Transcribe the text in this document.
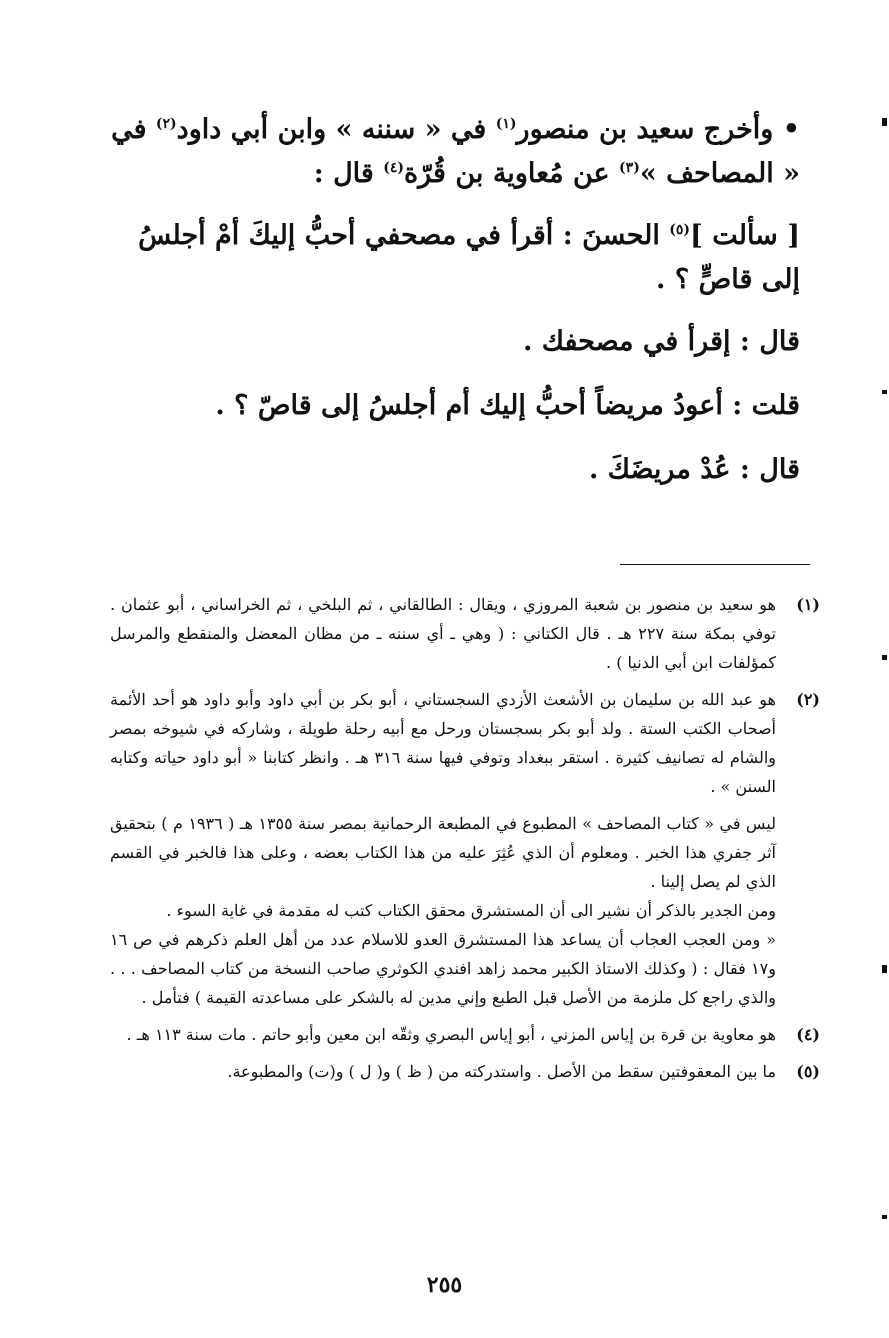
• وأخرج سعيد بن منصور$^{(١)}$ في « سننه » وابن أبي داود$^{(٢)}$ في « المصاحف »$^{(٣)}$ عن مُعاوية بن قُرّة$^{(٤)}$ قال :

[ سألت ]$^{(٥)}$ الحسنَ : أقرأ في مصحفي أحبُّ إليكَ أمْ أجلسُ إلى قاصٍّ ؟ .

قال : إقرأ في مصحفك .

قلت : أعودُ مريضاً أحبُّ إليك أم أجلسُ إلى قاصّ ؟ .

قال : عُدْ مريضَكَ .

(١)
هو سعيد بن منصور بن شعبة المروزي ، ويقال : الطالقاني ، ثم البلخي ، ثم الخراساني ، أبو عثمان . توفي بمكة سنة ٢٢٧ هـ . قال الكتاني : ( وهي ـ أي سننه ـ من مظان المعضل والمنقطع والمرسل كمؤلفات ابن أبي الدنيا ) .
(٢)
هو عبد الله بن سليمان بن الأشعث الأزدي السجستاني ، أبو بكر بن أبي داود وأبو داود هو أحد الأئمة أصحاب الكتب الستة . ولد أبو بكر بسجستان ورحل مع أبيه رحلة طويلة ، وشاركه في شيوخه بمصر والشام له تصانيف كثيرة . استقر ببغداد وتوفي فيها سنة ٣١٦ هـ . وانظر كتابنا « أبو داود حياته وكتابه السنن » .

ليس في « كتاب المصاحف » المطبوع في المطبعة الرحمانية بمصر سنة ١٣٥٥ هـ ( ١٩٣٦ م ) بتحقيق آثر جفري هذا الخبر . ومعلوم أن الذي عُثِرَ عليه من هذا الكتاب بعضه ، وعلى هذا فالخبر في القسم الذي لم يصل إلينا .

ومن الجدير بالذكر أن نشير الى أن المستشرق محقق الكتاب كتب له مقدمة في غاية السوء .

« ومن العجب العجاب أن يساعد هذا المستشرق العدو للاسلام عدد من أهل العلم ذكرهم في ص ١٦ و١٧ فقال : ( وكذلك الاستاذ الكبير محمد زاهد افندي الكوثري صاحب النسخة من كتاب المصاحف . . . والذي راجع كل ملزمة من الأصل قبل الطبع وإني مدين له بالشكر على مساعدته القيمة ) فتأمل .

(٤)
هو معاوية بن قرة بن إياس المزني ، أبو إياس البصري وثقّه ابن معين وأبو حاتم . مات سنة ١١٣ هـ .
(٥)
ما بين المعقوفتين سقط من الأصل . واستدركته من ( ظ ) و( ل ) و(ت) والمطبوعة.
٢٥٥
